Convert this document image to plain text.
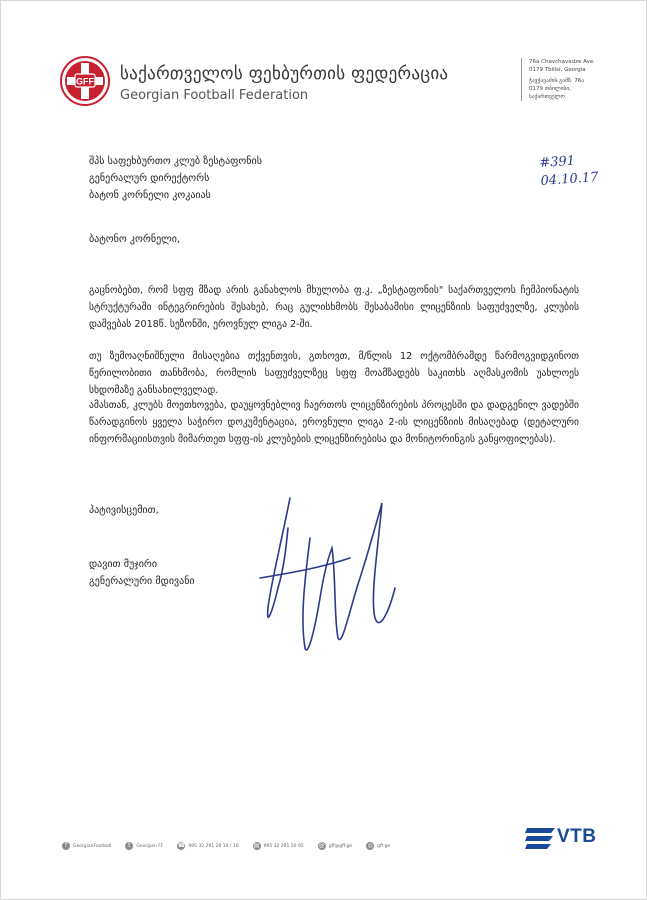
GFF საქართველოს ფეხბურთის ფედერაცია
Georgian Football Federation
76a Chavchavadze Ave.
0179 Tbilisi, Georgia
ჭავჭავაძის გამზ. 76ა
0179 თბილისი,
საქართველო
შპს საფეხბურთო კლუბ ზესტაფონის
გენერალურ დირექტორს
ბატონ კორნელი კოკაიას
#391
04.10.17
ბატონო კორნელი,
გაცნობებთ, რომ სფფ მზად არის განახლოს მხულობა ფ.კ. „ზესტაფონის" საქართველოს ჩემპიონატის სტრუქტურაში ინტეგრირების შესახებ, რაც გულისხმობს შესაბამისი ლიცენზიის საფუძველზე, კლუბის დაშვებას 2018წ. სეზონში, ეროვნულ ლიგა 2-ში.
თუ ზემოაღნიშნული მისაღებია თქვენთვის, გთხოვთ, მ/წლის 12 ოქტომბრამდე წარმოგვიდგინოთ წერილობითი თანხმობა, რომლის საფუძველზეც სფფ მოამზადებს საკითხს აღმასკომის უახლოეს სხდომაზე განსახილველად.
ამასთან, კლუბს მოეთხოვება, დაუყოვნებლივ ჩაერთოს ლიცენზირების პროცესში და დადგენილ ვადებში წარადგინოს ყველა საჭირო დოკუმენტაცია, ეროვნული ლიგა 2-ის ლიცენზიის მისაღებად (დეტალური ინფორმაციისთვის მიმართეთ სფფ-ის კლუბების ლიცენზირებისა და მონიტორინგის განყოფილებას).
პატივისცემით,
დავით მუჯირი
გენერალური მდივანი
f	GeorgianFootball	t	Georgian FF ☎ 995 32 291 26 10 / 10	▤ 995 32 291 50 95	@ gff@gff.ge	◎ gff.ge	VTB
